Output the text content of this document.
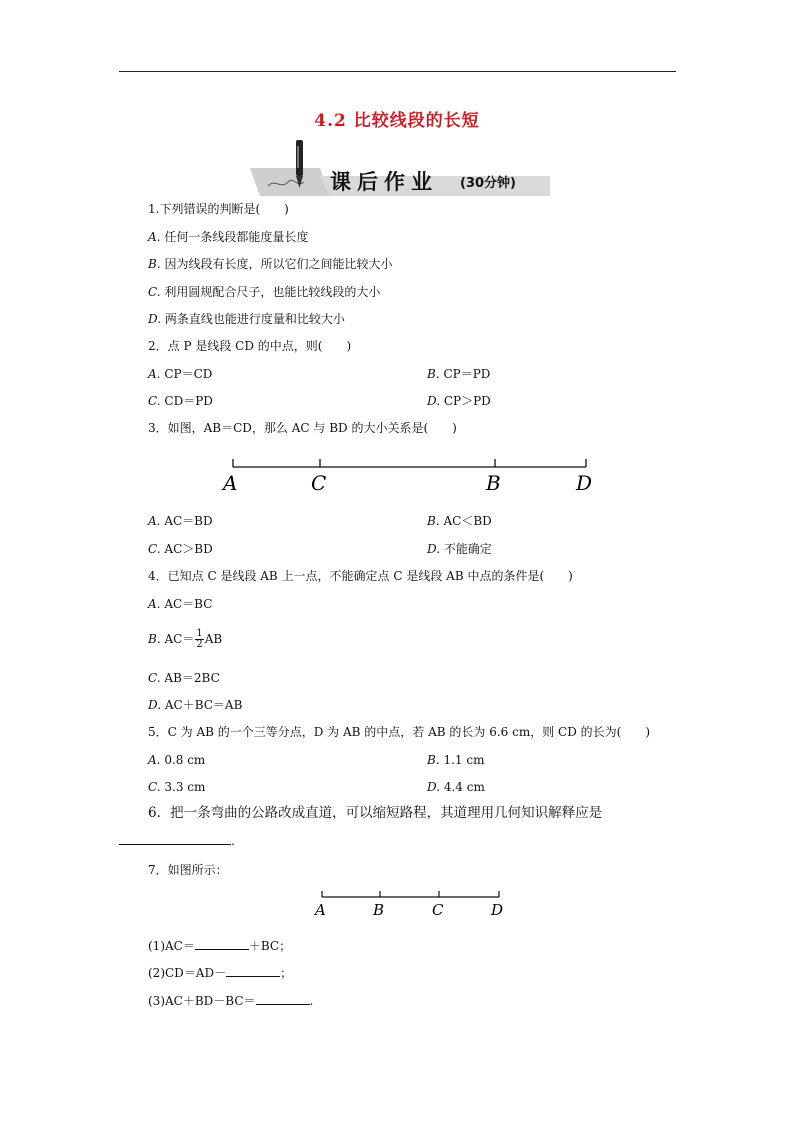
4.2 比较线段的长短
课后作业 (30分钟)
1.下列错误的判断是(　　)
A. 任何一条线段都能度量长度
B. 因为线段有长度，所以它们之间能比较大小
C. 利用圆规配合尺子，也能比较线段的大小
D. 两条直线也能进行度量和比较大小
2．点 P 是线段 CD 的中点，则(　　)
A. CP＝CD	B. CP＝PD
C. CD＝PD	D. CP＞PD
3．如图，AB＝CD，那么 AC 与 BD 的大小关系是(　　)
A	C	B	D
A. AC＝BD	B. AC＜BD
C. AC＞BD	D. 不能确定
4．已知点 C 是线段 AB 上一点，不能确定点 C 是线段 AB 中点的条件是(　　)
A. AC＝BC
B. $AC= \frac{1}{2}$ AB
C. AB＝2BC
D. AC＋BC＝AB
5．C 为 AB 的一个三等分点，D 为 AB 的中点，若 AB 的长为 6.6 cm，则 CD 的长为(　　)
A. 0.8 cm	B. 1.1 cm
C. 3.3 cm	D. 4.4 cm
6．把一条弯曲的公路改成直道，可以缩短路程，其道理用几何知识解释应是
.
7．如图所示：
A	B	C	D
(1)AC＝	＋BC；
(2)CD＝AD－	；
(3)AC＋BD－BC＝	.
